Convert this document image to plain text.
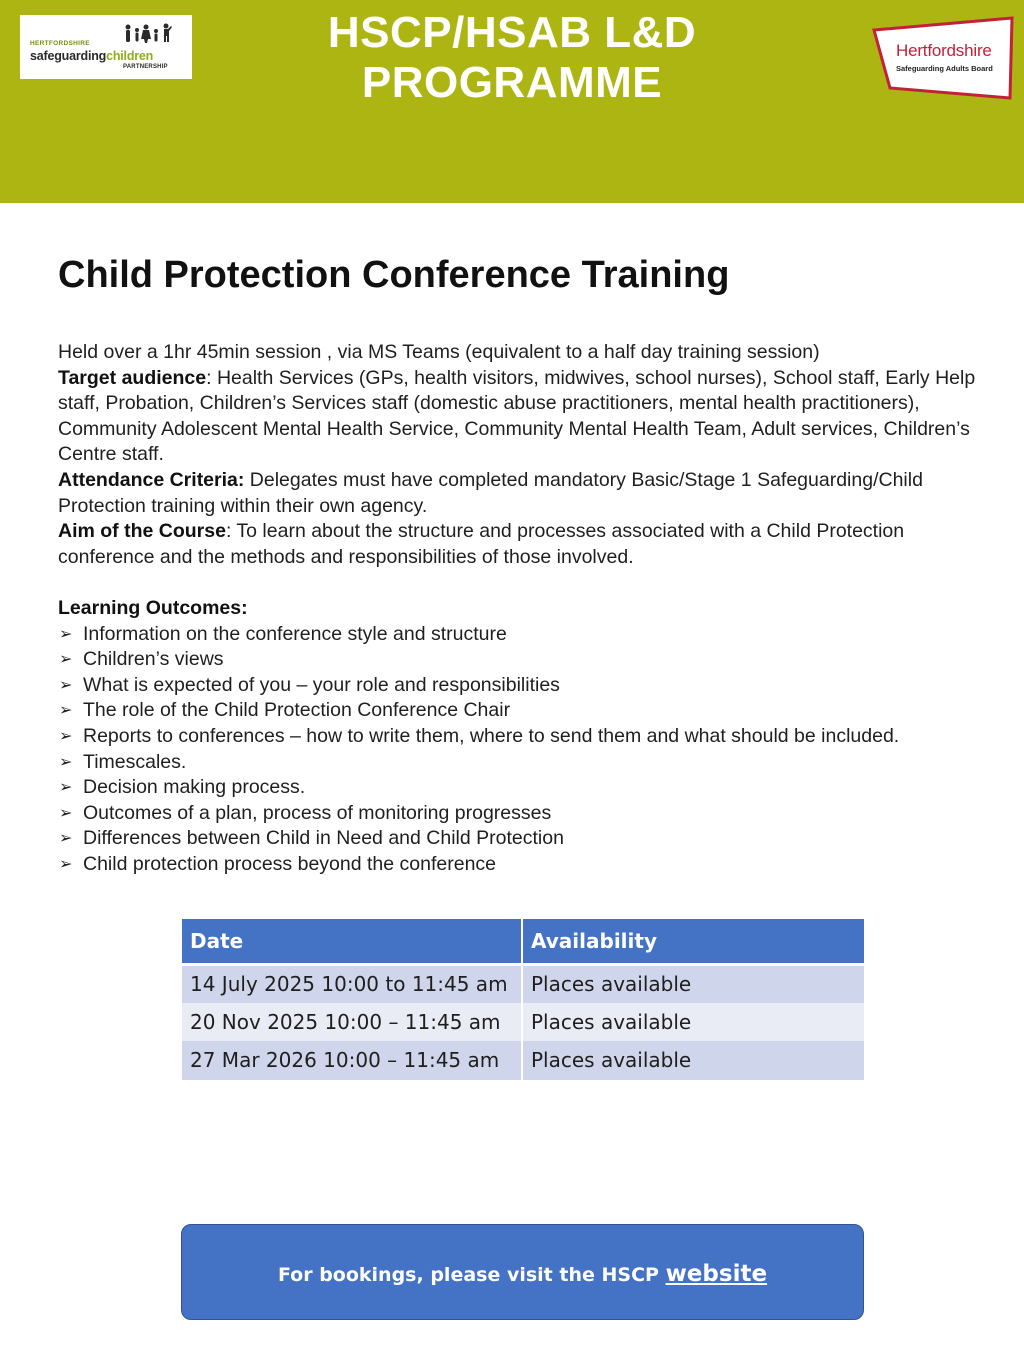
HSCP/HSAB L&D
PROGRAMME
HERTFORDSHIRE
safeguardingchildren
PARTNERSHIP
Hertfordshire
Safeguarding Adults Board
Child Protection Conference Training
Held over a 1hr 45min session , via MS Teams (equivalent to a half day training session)
Target audience: Health Services (GPs, health visitors, midwives, school nurses), School staff, Early Help staff, Probation, Children’s Services staff (domestic abuse practitioners, mental health practitioners), Community Adolescent Mental Health Service, Community Mental Health Team, Adult services, Children’s Centre staff.
Attendance Criteria: Delegates must have completed mandatory Basic/Stage 1 Safeguarding/Child Protection training within their own agency.
Aim of the Course: To learn about the structure and processes associated with a Child Protection conference and the methods and responsibilities of those involved.
Learning Outcomes:
➢ Information on the conference style and structure
➢ Children’s views
➢ What is expected of you – your role and responsibilities
➢ The role of the Child Protection Conference Chair
➢ Reports to conferences – how to write them, where to send them and what should be included.
➢ Timescales.
➢ Decision making process.
➢ Outcomes of a plan, process of monitoring progresses
➢ Differences between Child in Need and Child Protection
➢ Child protection process beyond the conference
Date	Availability
14 July 2025 10:00 to 11:45 am	Places available
20 Nov 2025 10:00 – 11:45 am	Places available
27 Mar 2026 10:00 – 11:45 am	Places available
For bookings, please visit the HSCP website
